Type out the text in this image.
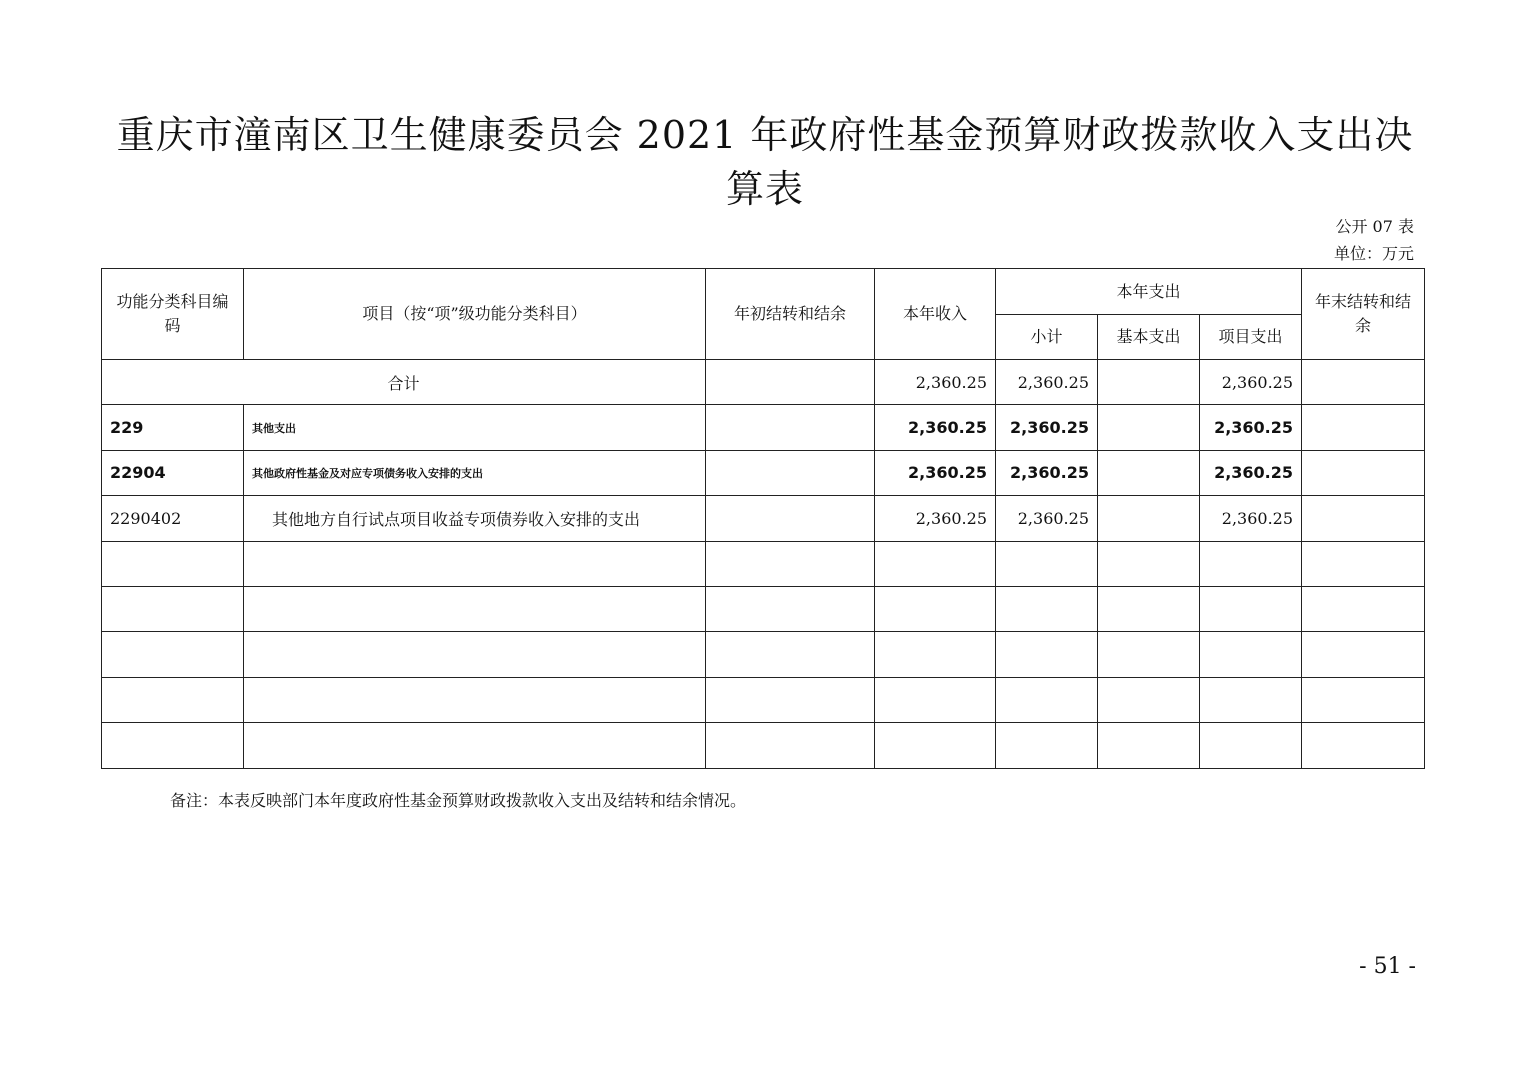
重庆市潼南区卫生健康委员会 2021 年政府性基金预算财政拨款收入支出决
算表
公开 07 表
单位：万元
功能分类科目编码	项目（按“项”级功能分类科目）	年初结转和结余	本年收入	本年支出			年末结转和结余
				小计	基本支出	项目支出	
合计			2,360.25	2,360.25		2,360.25	
229	其他支出		2,360.25	2,360.25		2,360.25	
22904	其他政府性基金及对应专项债务收入安排的支出		2,360.25	2,360.25		2,360.25	
2290402	其他地方自行试点项目收益专项债券收入安排的支出		2,360.25	2,360.25		2,360.25	

备注：本表反映部门本年度政府性基金预算财政拨款收入支出及结转和结余情况。
- 51 -
